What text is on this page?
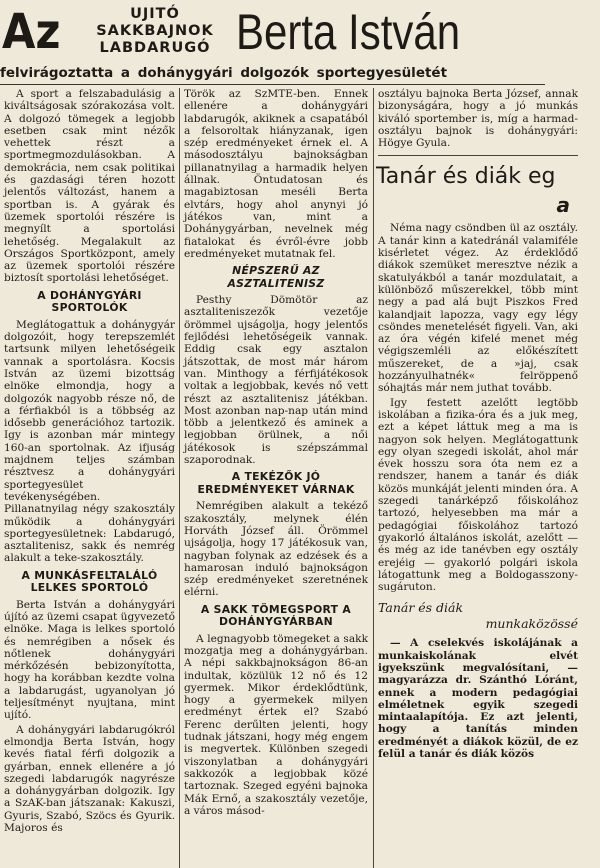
Az	UJITÓ
SAKKBAJNOK
LABDARUGÓ Berta István
felvirágoztatta a dohánygyári dolgozók sportegyesületét

A sport a felszabadulásig a kiváltságosak szórakozása volt. A dolgozó tömegek a legjobb esetben csak mint nézők vehettek részt a sportmegmozdulásokban. A demokrácia, nem csak politikai és gazdasági téren hozott jelentős változást, hanem a sportban is. A gyárak és üzemek sportolói részére is megnyílt a sportolási lehetőség. Megalakult az Országos Sportközpont, amely az üzemek sportolói részére biztosít sportolási lehetőséget.

A DOHÁNYGYÁRI SPORTOLÓK

Meglátogattuk a dohánygyár dolgozóit, hogy terepszemlét tartsunk milyen lehetőségeik vannak a sportolásra. Kocsis István az üzemi bizottság elnöke elmondja, hogy a dolgozók nagyobb része nő, de a férfiakból is a többség az idősebb generációhoz tartozik. Igy is azonban már mintegy 160-an sportolnak. Az ifjuság majdnem teljes számban résztvesz a dohánygyári sportegyesület tevékenységében. Pillanatnyilag négy szakosztály működik a dohánygyári sportegyesületnek: Labdarugó, asztalitenisz, sakk és nemrég alakult a teke-szakosztály.

A MUNKÁSFELTALÁLÓ LELKES SPORTOLÓ

Berta István a dohánygyári újító az üzemi csapat ügyvezető elnöke. Maga is lelkes sportoló és nemrégiben a nősek és nőtlenek dohánygyári mérkőzésén bebizonyította, hogy ha korábban kezdte volna a labdarugást, ugyanolyan jó teljesítményt nyujtana, mint ujító.

A dohánygyári labdarugókról elmondja Berta István, hogy kevés fiatal férfi dolgozik a gyárban, ennek ellenére a jó szegedi labdarugók nagyrésze a dohánygyárban dolgozik. Igy a SzAK-ban játszanak: Kakuszi, Gyuris, Szabó, Szöcs és Gyurik. Majoros és

Török az SzMTE-ben. Ennek ellenére a dohánygyári labdarugók, akiknek a csapatából a felsoroltak hiányzanak, igen szép eredményeket érnek el. A másodosztályu bajnokságban pillanatnyilag a harmadik helyen állnak. Öntudatosan és magabiztosan meséli Berta elvtárs, hogy ahol anynyi jó játékos van, mint a Dohánygyárban, nevelnek még fiatalokat és évről-évre jobb eredményeket mutatnak fel.

NÉPSZERŰ AZ ASZTALITENISZ

Pesthy Dömötör az asztaliteniszezők vezetője örömmel ujságolja, hogy jelentős fejlődési lehetőségeik vannak. Eddig csak egy asztalon játszottak, de most már három van. Minthogy a férfijátékosok voltak a legjobbak, kevés nő vett részt az asztalitenisz játékban. Most azonban nap-nap után mind több a jelentkező és aminek a legjobban örülnek, a női játékosok is szépszámmal szaporodnak.

A TEKÉZŐK JÓ EREDMÉNYEKET VÁRNAK

Nemrégiben alakult a tekéző szakosztály, melynek élén Horváth József áll. Örömmel ujságolja, hogy 17 játékosuk van, nagyban folynak az edzések és a hamarosan induló bajnokságon szép eredményeket szeretnének elérni.

A SAKK TÖMEGSPORT A DOHÁNYGYÁRBAN

A legnagyobb tömegeket a sakk mozgatja meg a dohánygyárban. A népi sakkbajnokságon 86-an indultak, közülük 12 nő és 12 gyermek. Mikor érdeklődtünk, hogy a gyermekek milyen eredményt értek el? Szabó Ferenc derűlten jelenti, hogy tudnak játszani, hogy még engem is megvertek. Különben szegedi viszonylatban a dohánygyári sakkozók a legjobbak közé tartoznak. Szeged egyéni bajnoka Mák Ernő, a szakosztály vezetője, a város másod-

osztályu bajnoka Berta József, annak bizonyságára, hogy a jó munkás kiváló sportember is, míg a harmad-osztályu bajnok is dohánygyári: Högye Gyula.

Tanár és diák eg
a

Néma nagy csöndben ül az osztály. A tanár kinn a katedránál valamiféle kisérletet végez. Az érdeklődő diákok szemüket meresztve nézik a skatulyákból a tanár mozdulatait, a különböző műszerekkel, több mint negy a pad alá bujt Piszkos Fred kalandjait lapozza, vagy egy légy csöndes menetelését figyeli. Van, aki az óra végén kifelé menet még végigszemléli az előkészített műszereket, de a »jaj, csak hozzányulhatnék« felröppenő sóhajtás már nem juthat tovább.

Igy festett azelőtt legtöbb iskolában a fizika-óra és a juk meg, ezt a képet láttuk meg a ma is nagyon sok helyen. Meglátogattunk egy olyan szegedi iskolát, ahol már évek hosszu sora óta nem ez a rendszer, hanem a tanár és diák közös munkáját jelenti minden óra. A szegedi tanárképző főiskolához tartozó, helyesebben ma már a pedagógiai főiskolához tartozó gyakorló általános iskolát, azelőtt — és még az ide tanévben egy osztály erejéig — gyakorló polgári iskola látogattunk meg a Boldogasszony-sugáruton.

Tanár és diák
munkaközössé

— A cselekvés iskolájának a munkaiskolának elvét igyekszünk megvalósítani, — magyarázza dr. Szánthó Lóránt, ennek a modern pedagógiai elméletnek egyik szegedi mintaalapítója. Ez azt jelenti, hogy a tanítás minden eredményét a diákok közül, de ez felül a tanár és diák közös
